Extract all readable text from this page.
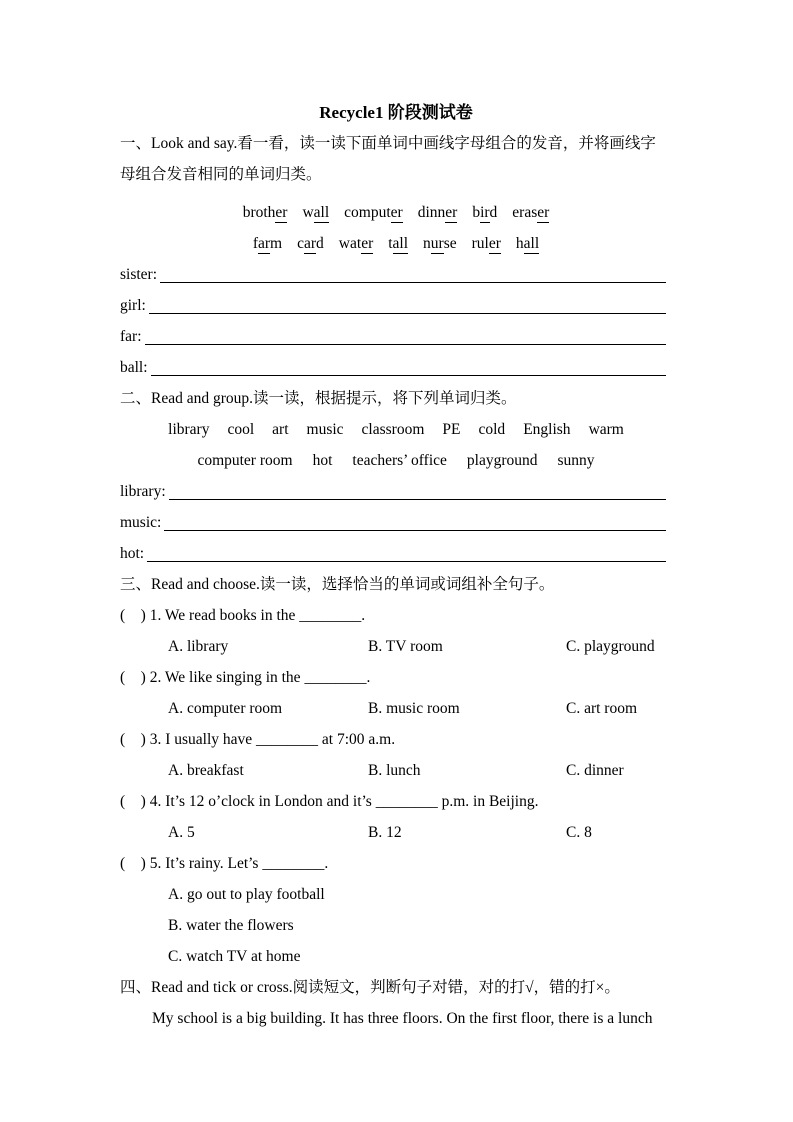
Recycle1 阶段测试卷
一、Look and say.看一看，读一读下面单词中画线字母组合的发音，并将画线字
母组合发音相同的单词归类。
brother wall computer dinner bird eraser
farm card water tall nurse ruler hall
sister:
girl:
far:
ball:
二、Read and group.读一读，根据提示，将下列单词归类。
library cool art music classroom PE cold English warm
computer room hot teachers’ office playground sunny
library:
music:
hot:
三、Read and choose.读一读，选择恰当的单词或词组补全句子。
(　) 1. We read books in the ________.
A. library	B. TV room	C. playground
(　) 2. We like singing in the ________.
A. computer room	B. music room	C. art room
(　) 3. I usually have ________ at 7:00 a.m.
A. breakfast	B. lunch	C. dinner
(　) 4. It’s 12 o’clock in London and it’s ________ p.m. in Beijing.
A. 5	B. 12	C. 8
(　) 5. It’s rainy. Let’s ________.
A. go out to play football
B. water the flowers
C. watch TV at home
四、Read and tick or cross.阅读短文，判断句子对错，对的打√，错的打×。
My school is a big building. It has three floors. On the first floor, there is a lunch
